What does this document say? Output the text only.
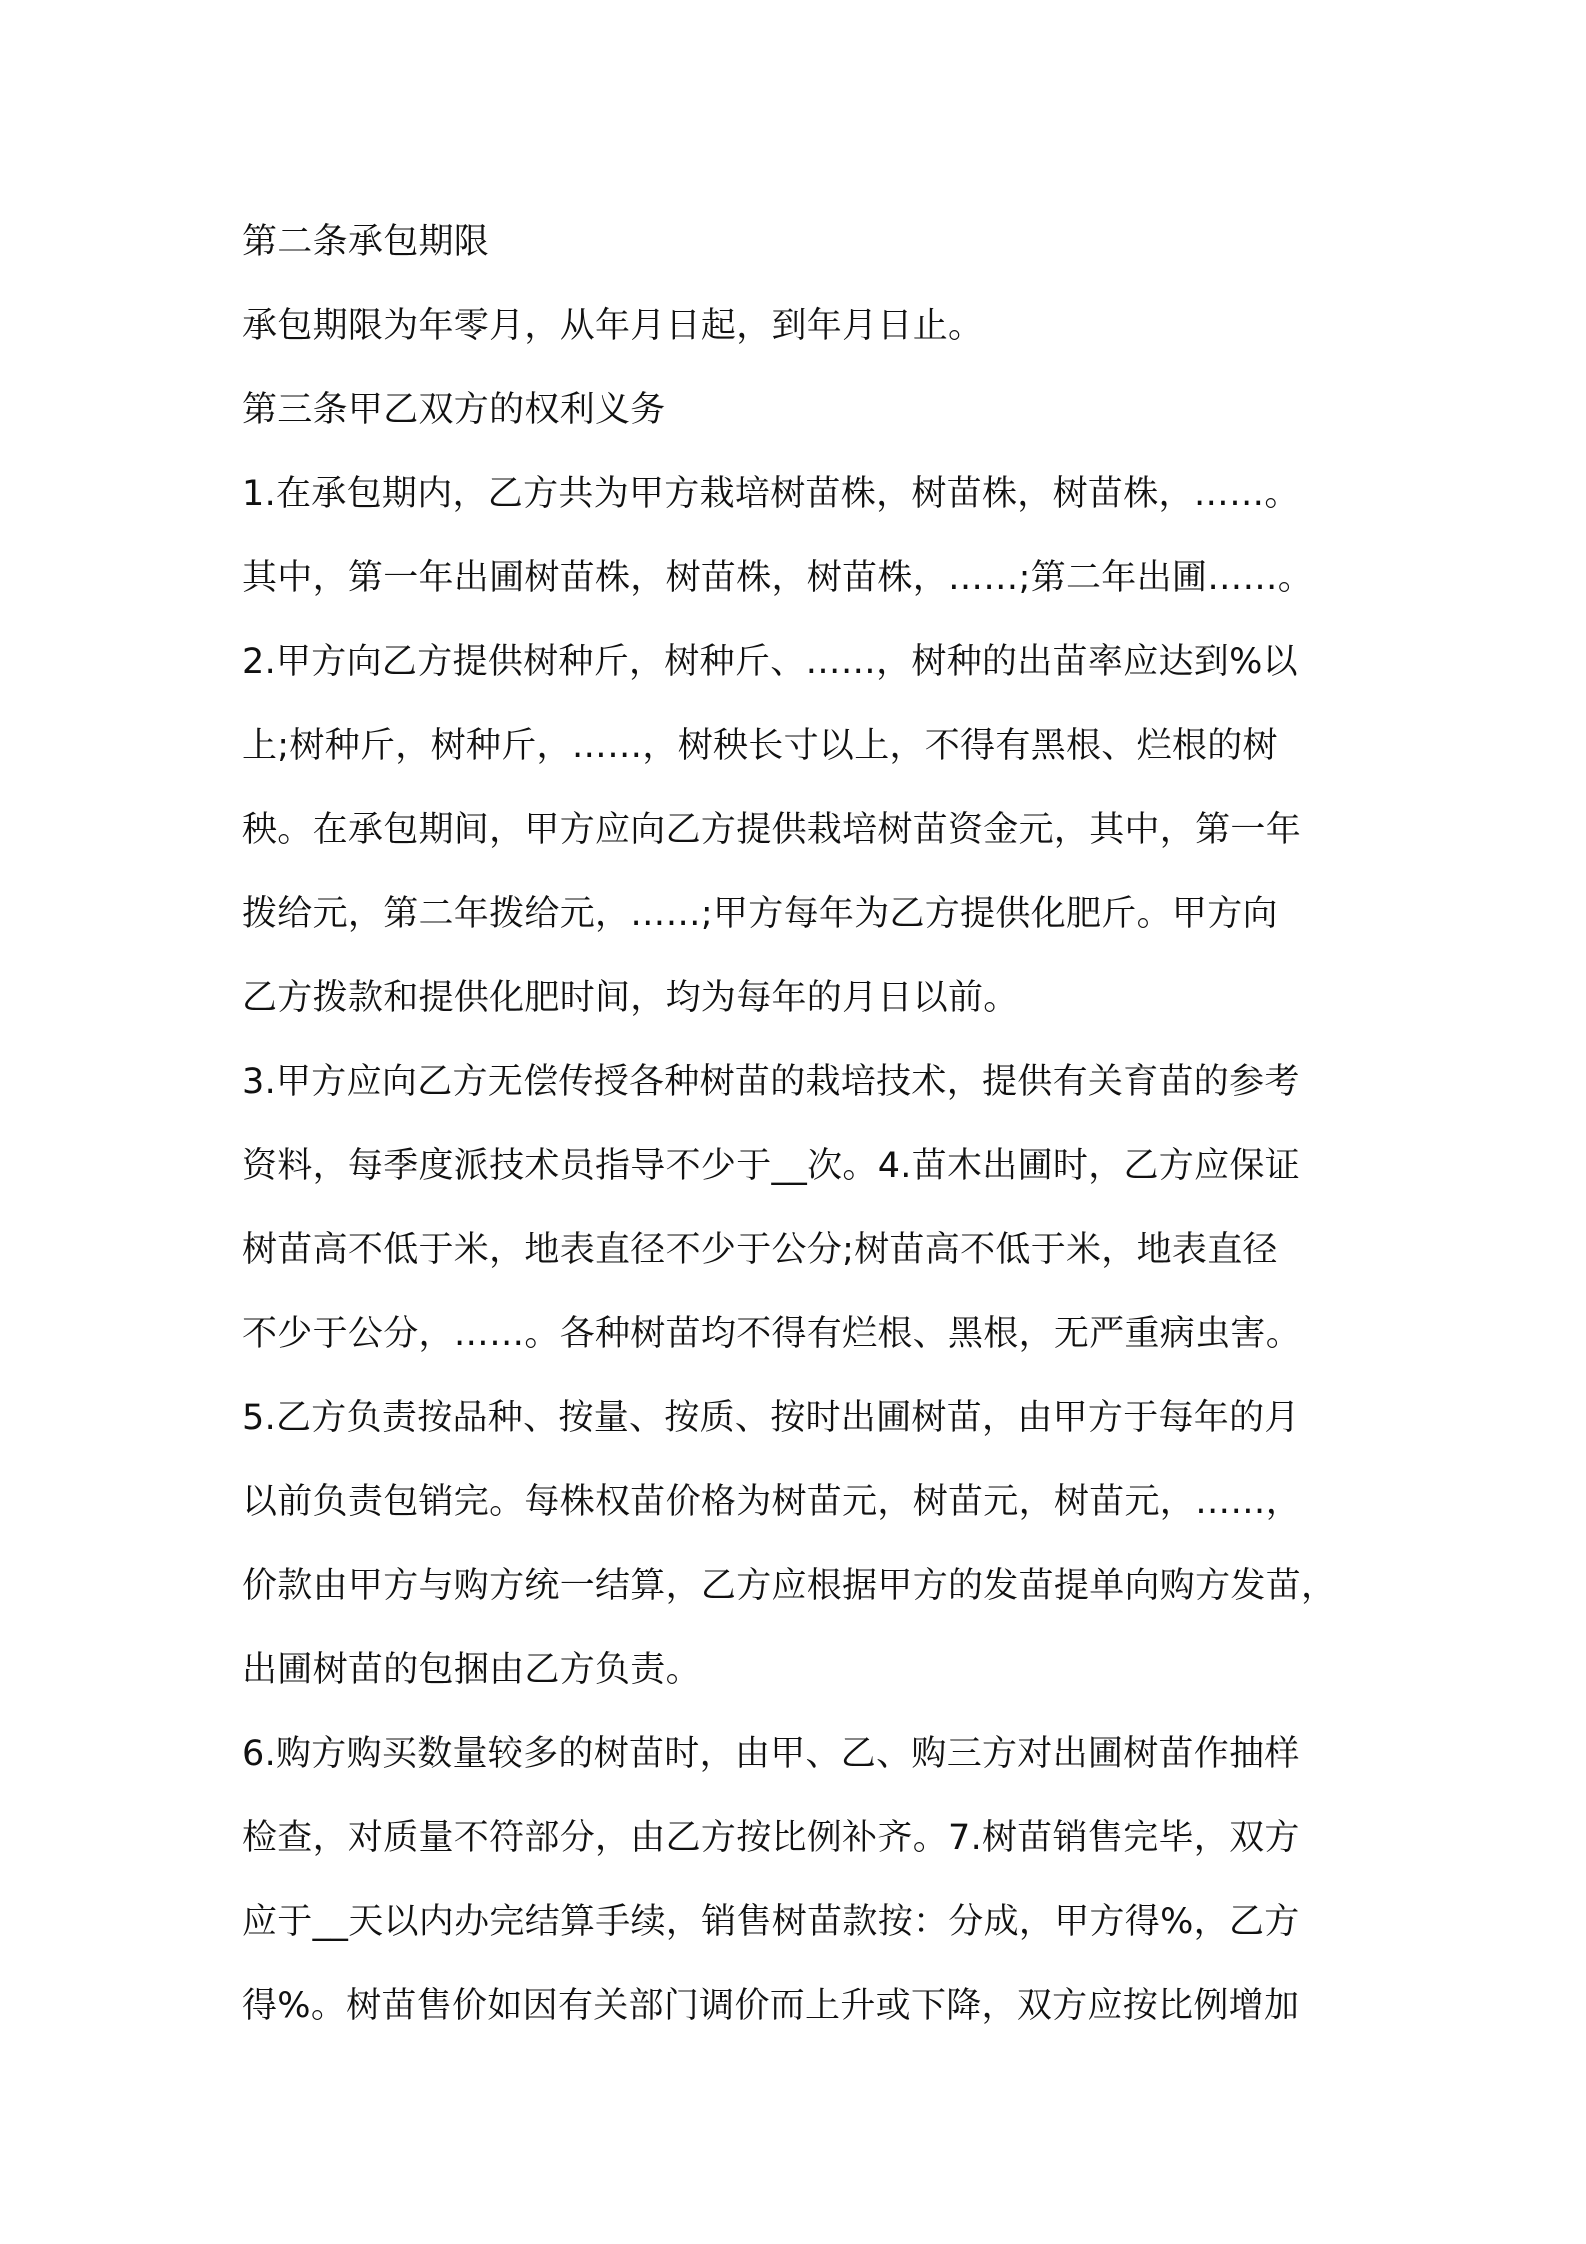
第二条承包期限
承包期限为年零月，从年月日起，到年月日止。
第三条甲乙双方的权利义务
1.在承包期内，乙方共为甲方栽培树苗株，树苗株，树苗株，……。
其中，第一年出圃树苗株，树苗株，树苗株，……;第二年出圃……。
2.甲方向乙方提供树种斤，树种斤、……，树种的出苗率应达到%以
上;树种斤，树种斤，……，树秧长寸以上，不得有黑根、烂根的树
秧。在承包期间，甲方应向乙方提供栽培树苗资金元，其中，第一年
拨给元，第二年拨给元，……;甲方每年为乙方提供化肥斤。甲方向
乙方拨款和提供化肥时间，均为每年的月日以前。
3.甲方应向乙方无偿传授各种树苗的栽培技术，提供有关育苗的参考
资料，每季度派技术员指导不少于__次。4.苗木出圃时，乙方应保证
树苗高不低于米，地表直径不少于公分;树苗高不低于米，地表直径
不少于公分，……。各种树苗均不得有烂根、黑根，无严重病虫害。
5.乙方负责按品种、按量、按质、按时出圃树苗，由甲方于每年的月
以前负责包销完。每株权苗价格为树苗元，树苗元，树苗元，……，
价款由甲方与购方统一结算，乙方应根据甲方的发苗提单向购方发苗，
出圃树苗的包捆由乙方负责。
6.购方购买数量较多的树苗时，由甲、乙、购三方对出圃树苗作抽样
检查，对质量不符部分，由乙方按比例补齐。7.树苗销售完毕，双方
应于__天以内办完结算手续，销售树苗款按：分成，甲方得%，乙方
得%。树苗售价如因有关部门调价而上升或下降，双方应按比例增加
